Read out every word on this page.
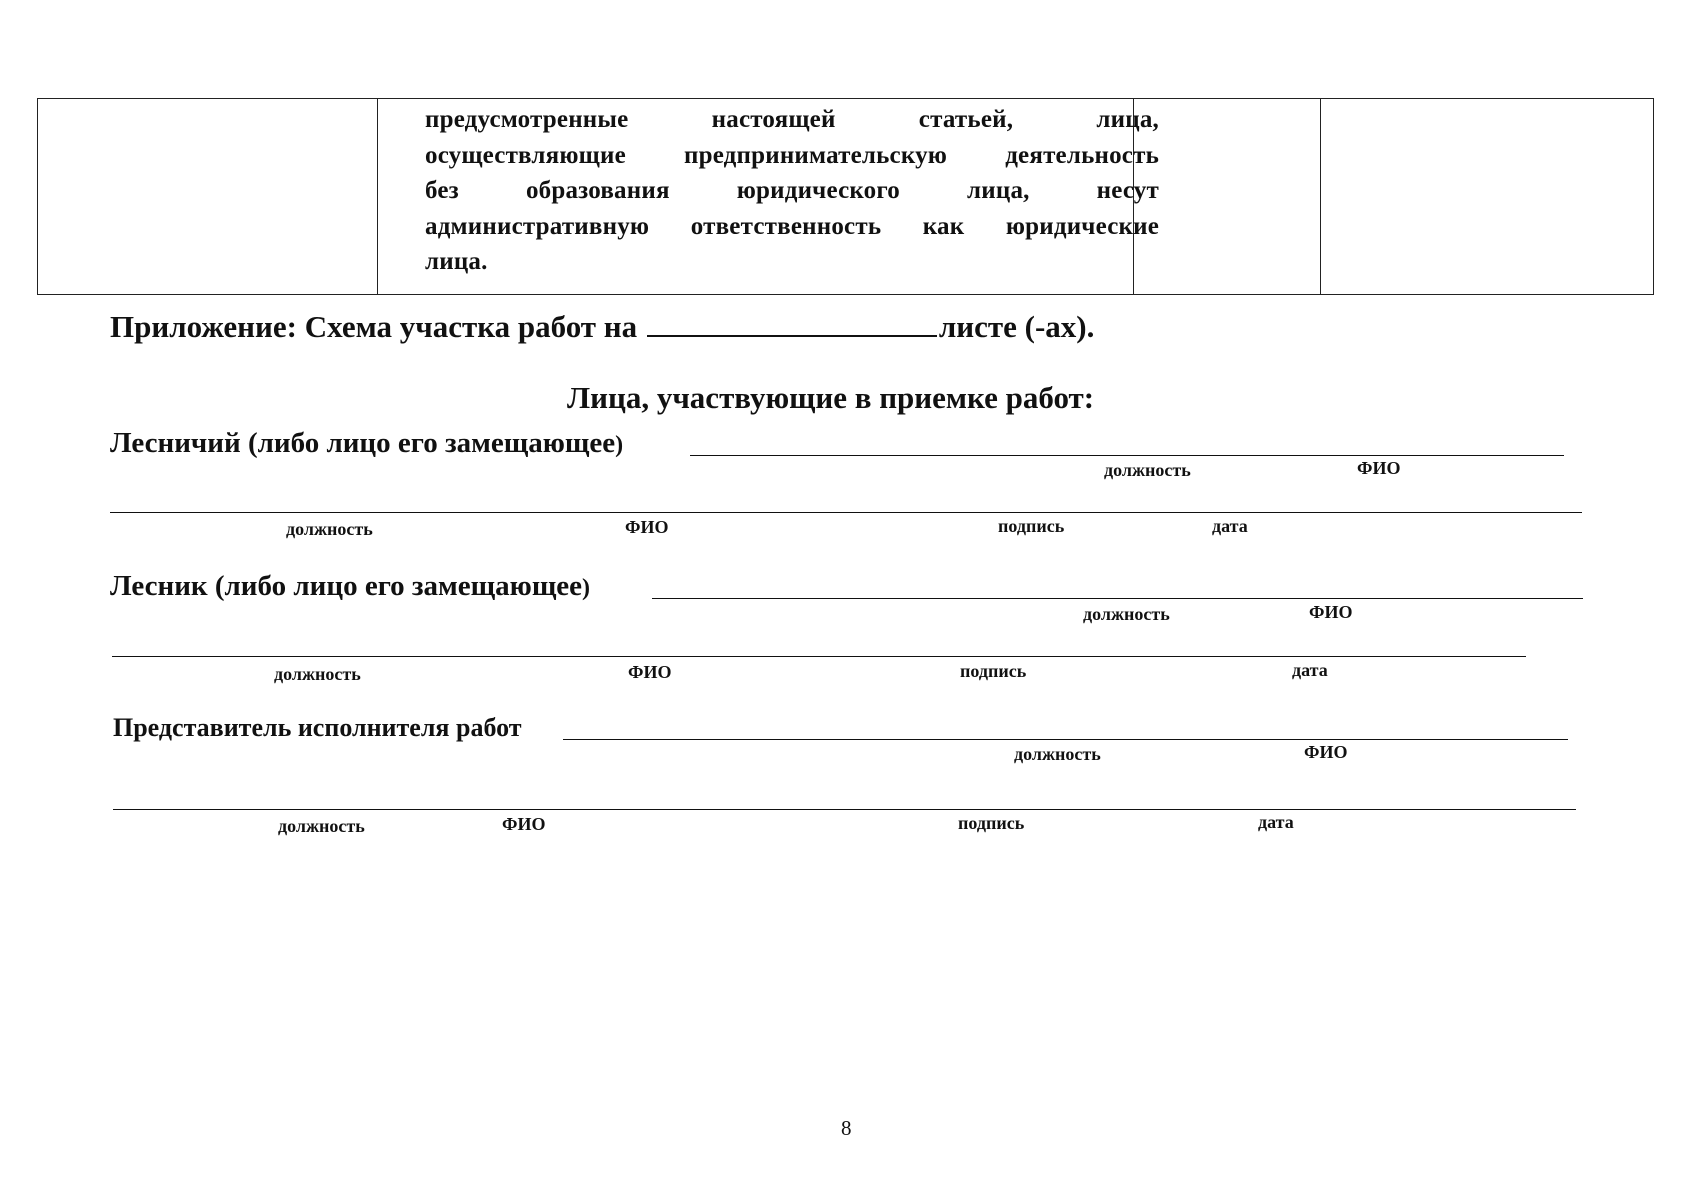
предусмотренные настоящей статьей, лица,

осуществляющие предпринимательскую деятельность

без образования юридического лица, несут

административную ответственность как юридические

лица.

Приложение: Схема участка работ на	листе (-ах).
Лица, участвующие в приемке работ:
Лесничий (либо лицо его замещающее)
должность	ФИО
должность	ФИО	подпись	дата
Лесник (либо лицо его замещающее)
должность	ФИО
должность	ФИО	подпись	дата
Представитель исполнителя работ
должность	ФИО
должность	ФИО	подпись	дата
8
